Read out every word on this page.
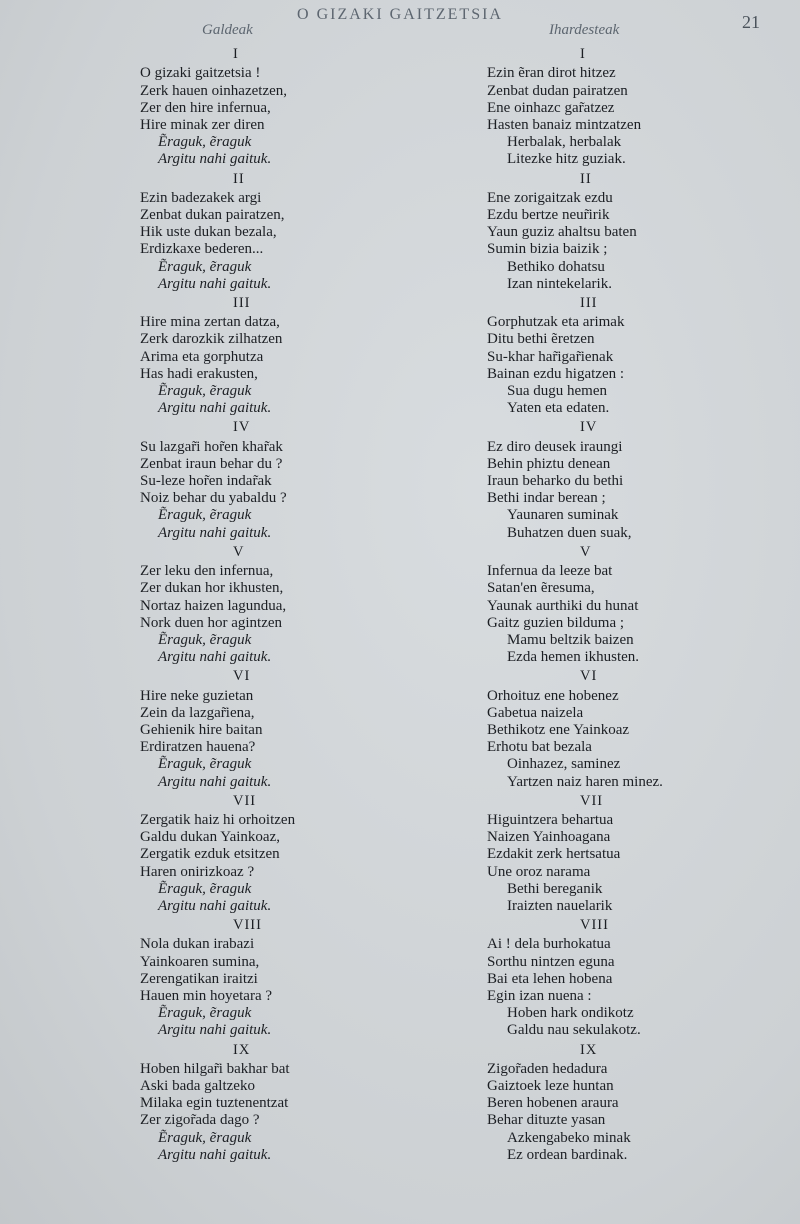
O GIZAKI GAITZETSIA	21
Galdeak
I
O gizaki gaitzetsia !
Zerk hauen oinhazetzen,
Zer den hire infernua,
Hire minak zer diren
Ẽraguk, ẽraguk
Argitu nahi gaituk.
II
Ezin badezakek argi
Zenbat dukan pairatzen,
Hik uste dukan bezala,
Erdizkaxe bederen...
Ẽraguk, ẽraguk
Argitu nahi gaituk.
III
Hire mina zertan datza,
Zerk darozkik zilhatzen
Arima eta gorphutza
Has hadi erakusten,
Ẽraguk, ẽraguk
Argitu nahi gaituk.
IV
Su lazgar̃i hor̃en khar̃ak
Zenbat iraun behar du ?
Su-leze hor̃en indar̃ak
Noiz behar du yabaldu ?
Ẽraguk, ẽraguk
Argitu nahi gaituk.
V
Zer leku den infernua,
Zer dukan hor ikhusten,
Nortaz haizen lagundua,
Nork duen hor agintzen
Ẽraguk, ẽraguk
Argitu nahi gaituk.
VI
Hire neke guzietan
Zein da lazgar̃iena,
Gehienik hire baitan
Erdiratzen hauena?
Ẽraguk, ẽraguk
Argitu nahi gaituk.
VII
Zergatik haiz hi orhoitzen
Galdu dukan Yainkoaz,
Zergatik ezduk etsitzen
Haren onirizkoaz ?
Ẽraguk, ẽraguk
Argitu nahi gaituk.
VIII
Nola dukan irabazi
Yainkoaren sumina,
Zerengatikan iraitzi
Hauen min hoyetara ?
Ẽraguk, ẽraguk
Argitu nahi gaituk.
IX
Hoben hilgar̃i bakhar bat
Aski bada galtzeko
Milaka egin tuztenentzat
Zer zigor̃ada dago ?
Ẽraguk, ẽraguk
Argitu nahi gaituk.
Ihardesteak
I
Ezin ẽran dirot hitzez
Zenbat dudan pairatzen
Ene oinhazc gar̃atzez
Hasten banaiz mintzatzen
Herbalak, herbalak
Litezke hitz guziak.
II
Ene zorigaitzak ezdu
Ezdu bertze neur̃irik
Yaun guziz ahaltsu baten
Sumin bizia baizik ;
Bethiko dohatsu
Izan nintekelarik.
III
Gorphutzak eta arimak
Ditu bethi ẽretzen
Su-khar har̃igar̃ienak
Bainan ezdu higatzen :
Sua dugu hemen
Yaten eta edaten.
IV
Ez diro deusek iraungi
Behin phiztu denean
Iraun beharko du bethi
Bethi indar berean ;
Yaunaren suminak
Buhatzen duen suak,
V
Infernua da leeze bat
Satan'en ẽresuma,
Yaunak aurthiki du hunat
Gaitz guzien bilduma ;
Mamu beltzik baizen
Ezda hemen ikhusten.
VI
Orhoituz ene hobenez
Gabetua naizela
Bethikotz ene Yainkoaz
Erhotu bat bezala
Oinhazez, saminez
Yartzen naiz haren minez.
VII
Higuintzera behartua
Naizen Yainhoagana
Ezdakit zerk hertsatua
Une oroz narama
Bethi bereganik
Iraizten nauelarik
VIII
Ai ! dela burhokatua
Sorthu nintzen eguna
Bai eta lehen hobena
Egin izan nuena :
Hoben hark ondikotz
Galdu nau sekulakotz.
IX
Zigor̃aden hedadura
Gaiztoek leze huntan
Beren hobenen araura
Behar dituzte yasan
Azkengabeko minak
Ez ordean bardinak.
